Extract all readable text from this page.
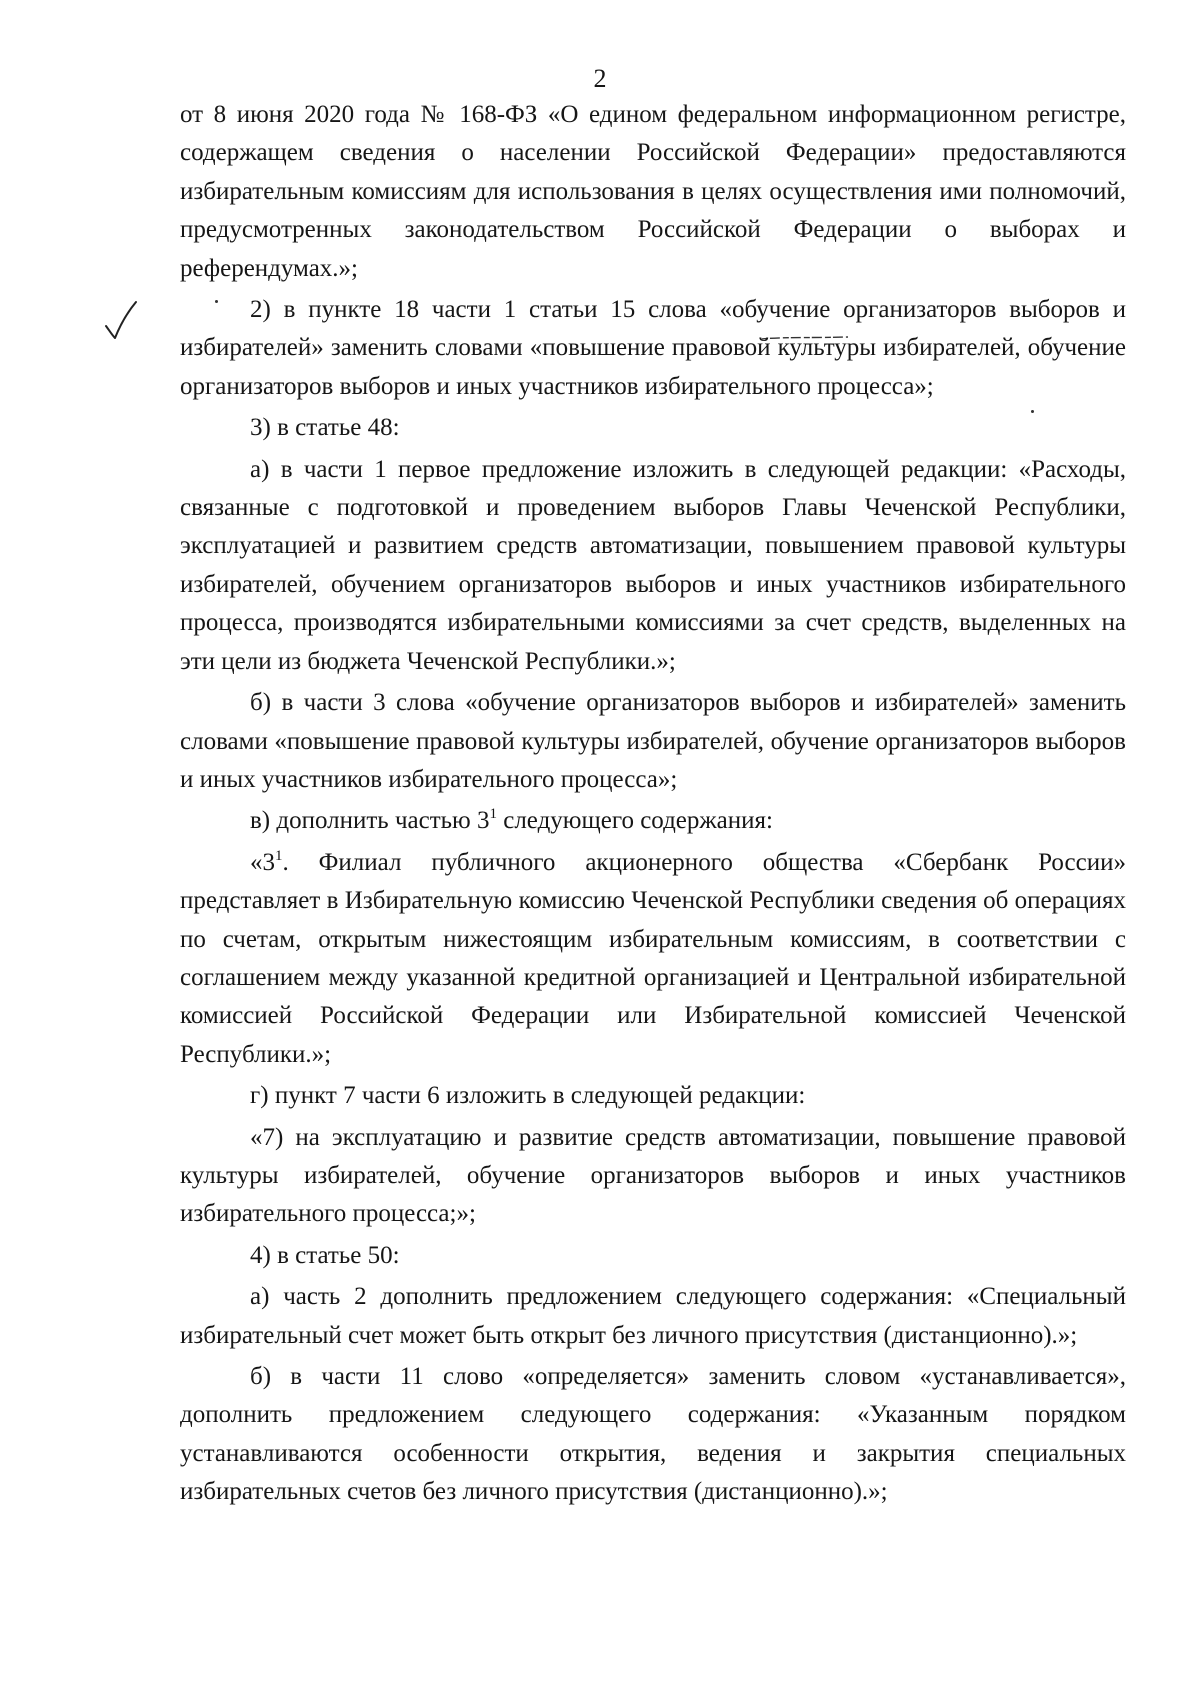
2

от 8 июня 2020 года № 168-ФЗ «О едином федеральном информационном регистре, содержащем сведения о населении Российской Федерации» предоставляются избирательным комиссиям для использования в целях осуществления ими полномочий, предусмотренных законодательством Российской Федерации о выборах и референдумах.»;

2) в пункте 18 части 1 статьи 15 слова «обучение организаторов выборов и избирателей» заменить словами «повышение правовой культуры избирателей, обучение организаторов выборов и иных участников избирательного процесса»;

3) в статье 48:

а) в части 1 первое предложение изложить в следующей редакции: «Расходы, связанные с подготовкой и проведением выборов Главы Чеченской Республики, эксплуатацией и развитием средств автоматизации, повышением правовой культуры избирателей, обучением организаторов выборов и иных участников избирательного процесса, производятся избирательными комиссиями за счет средств, выделенных на эти цели из бюджета Чеченской Республики.»;

б) в части 3 слова «обучение организаторов выборов и избирателей» заменить словами «повышение правовой культуры избирателей, обучение организаторов выборов и иных участников избирательного процесса»;

в) дополнить частью $3^1$ следующего содержания:

«$3^1$. Филиал публичного акционерного общества «Сбербанк России» представляет в Избирательную комиссию Чеченской Республики сведения об операциях по счетам, открытым нижестоящим избирательным комиссиям, в соответствии с соглашением между указанной кредитной организацией и Центральной избирательной комиссией Российской Федерации или Избирательной комиссией Чеченской Республики.»;

г) пункт 7 части 6 изложить в следующей редакции:

«7) на эксплуатацию и развитие средств автоматизации, повышение правовой культуры избирателей, обучение организаторов выборов и иных участников избирательного процесса;»;

4) в статье 50:

а) часть 2 дополнить предложением следующего содержания: «Специальный избирательный счет может быть открыт без личного присутствия (дистанционно).»;

б) в части 11 слово «определяется» заменить словом «устанавливается», дополнить предложением следующего содержания: «Указанным порядком устанавливаются особенности открытия, ведения и закрытия специальных избирательных счетов без личного присутствия (дистанционно).»;
